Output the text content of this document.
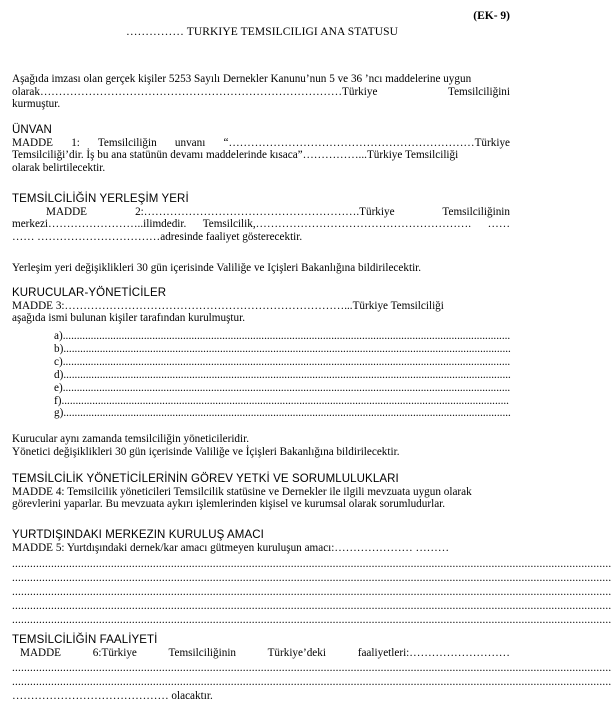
(EK- 9)
…………… TURKIYE TEMSILCILIGI ANA STATUSU
Aşağıda imzası olan gerçek kişiler 5253 Sayılı Dernekler Kanunu’nun 5 ve 36 ’ncı maddelerine uygun
olarak………………………………………………………………………Türkiye	Temsilciliğini
kurmuştur.
ÜNVAN
MADDE 1: Temsilciliğin unvanı “…………………………………………………………Türkiye
Temsilciliği’dir. İş bu ana statünün devamı maddelerinde kısaca”……………...Türkiye Temsilciliği
olarak belirtilecektir.
TEMSİLCİLİĞİN YERLEŞİM YERİ
MADDE 2:………………………………………………….Türkiye	Temsilciliğinin
merkezi……………………..ilimdedir. Temsilcilik,…………………………………………………. ……
…… ……………………………adresinde faaliyet gösterecektir.
Yerleşim yeri değişiklikleri 30 gün içerisinde Valiliğe ve Içişleri Bakanlığına bildirilecektir.
KURUCULAR-YÖNETİCİLER
MADDE 3:…………………………………………………………………...Türkiye Temsilciliği
aşağıda ismi bulunan kişiler tarafından kurulmuştur.
a)................................................................................................................................................................
b)................................................................................................................................................................
c)................................................................................................................................................................
d)................................................................................................................................................................
e)................................................................................................................................................................
f)................................................................................................................................................................
g)................................................................................................................................................................
Kurucular aynı zamanda temsilciliğin yöneticileridir.
Yönetici değişiklikleri 30 gün içerisinde Valiliğe ve İçişleri Bakanlığına bildirilecektir.
TEMSİLCİLİK YÖNETİCİLERİNİN GÖREV YETKİ VE SORUMLULUKLARI
MADDE 4: Temsilcilik yöneticileri Temsilcilik statüsine ve Dernekler ile ilgili mevzuata uygun olarak
görevlerini yaparlar. Bu mevzuata aykırı işlemlerinden kişisel ve kurumsal olarak sorumludurlar.
YURTDIŞINDAKI MERKEZIN KURULUŞ AMACI
MADDE 5: Yurtdışındaki dernek/kar amacı gütmeyen kuruluşun amacı:………………… ………
........................................................................................................................................................................................................
........................................................................................................................................................................................................
........................................................................................................................................................................................................
........................................................................................................................................................................................................
........................................................................................................................................................................................................
TEMSİLCİLİĞİN FAALİYETİ
MADDE	6:Türkiye	Temsilciliğinin	Türkiye’deki	faaliyetleri:………………………
........................................................................................................................................................................................................
........................................................................................................................................................................................................
…………………………………… olacaktır.
